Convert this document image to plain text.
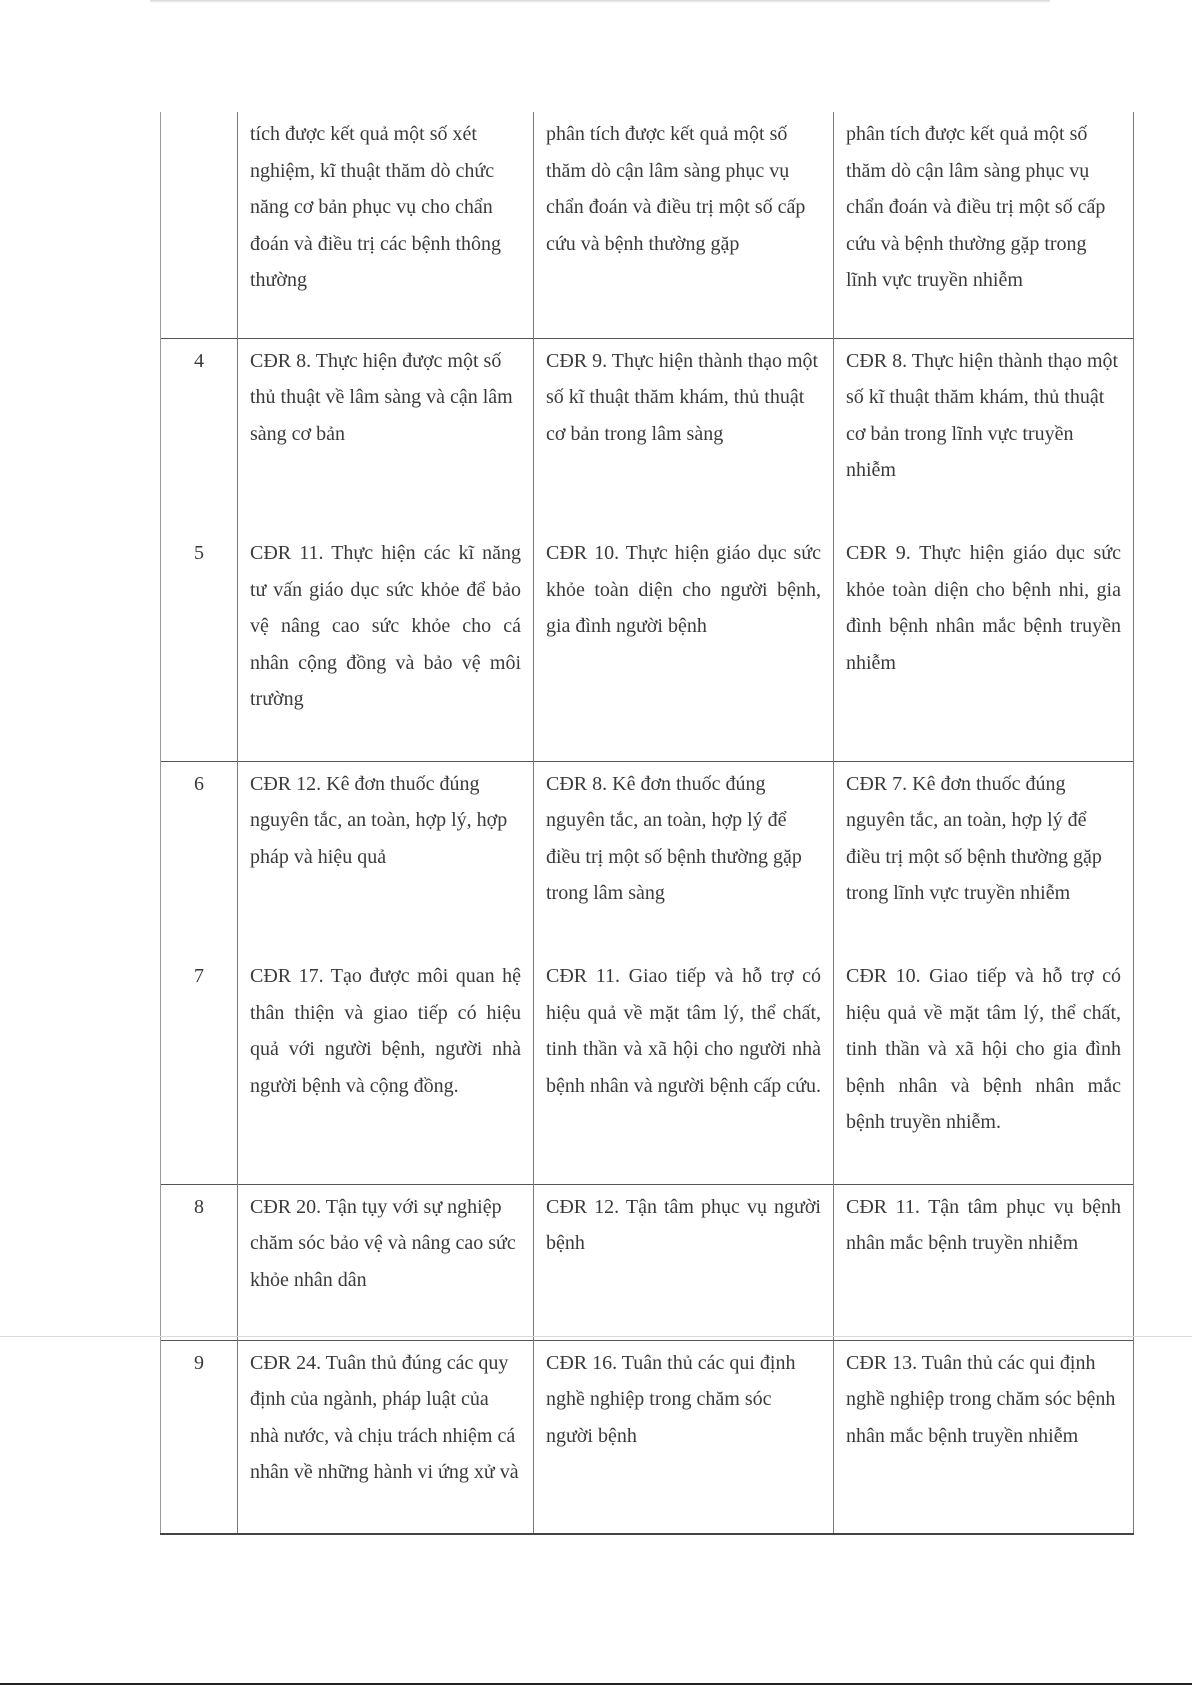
	tích được kết quả một số xét nghiệm, kĩ thuật thăm dò chức năng cơ bản phục vụ cho chẩn đoán và điều trị các bệnh thông thường	phân tích được kết quả một số thăm dò cận lâm sàng phục vụ chẩn đoán và điều trị một số cấp cứu và bệnh thường gặp	phân tích được kết quả một số thăm dò cận lâm sàng phục vụ chẩn đoán và điều trị một số cấp cứu và bệnh thường gặp trong lĩnh vực truyền nhiễm
4	CĐR 8. Thực hiện được một số thủ thuật về lâm sàng và cận lâm sàng cơ bản	CĐR 9. Thực hiện thành thạo một số kĩ thuật thăm khám, thủ thuật cơ bản trong lâm sàng	CĐR 8. Thực hiện thành thạo một số kĩ thuật thăm khám, thủ thuật cơ bản trong lĩnh vực truyền nhiễm
5	CĐR 11. Thực hiện các kĩ năng tư vấn giáo dục sức khỏe để bảo vệ nâng cao sức khỏe cho cá nhân cộng đồng và bảo vệ môi trường	CĐR 10. Thực hiện giáo dục sức khỏe toàn diện cho người bệnh, gia đình người bệnh	CĐR 9. Thực hiện giáo dục sức khỏe toàn diện cho bệnh nhi, gia đình bệnh nhân mắc bệnh truyền nhiễm
6	CĐR 12. Kê đơn thuốc đúng nguyên tắc, an toàn, hợp lý, hợp pháp và hiệu quả	CĐR 8. Kê đơn thuốc đúng nguyên tắc, an toàn, hợp lý để điều trị một số bệnh thường gặp trong lâm sàng	CĐR 7. Kê đơn thuốc đúng nguyên tắc, an toàn, hợp lý để điều trị một số bệnh thường gặp trong lĩnh vực truyền nhiễm
7	CĐR 17. Tạo được môi quan hệ thân thiện và giao tiếp có hiệu quả với người bệnh, người nhà người bệnh và cộng đồng.	CĐR 11. Giao tiếp và hỗ trợ có hiệu quả về mặt tâm lý, thể chất, tinh thần và xã hội cho người nhà bệnh nhân và người bệnh cấp cứu.	CĐR 10. Giao tiếp và hỗ trợ có hiệu quả về mặt tâm lý, thể chất, tinh thần và xã hội cho gia đình bệnh nhân và bệnh nhân mắc bệnh truyền nhiễm.
8	CĐR 20. Tận tụy với sự nghiệp chăm sóc bảo vệ và nâng cao sức khỏe nhân dân	CĐR 12. Tận tâm phục vụ người bệnh	CĐR 11. Tận tâm phục vụ bệnh nhân mắc bệnh truyền nhiễm
9	CĐR 24. Tuân thủ đúng các quy định của ngành, pháp luật của nhà nước, và chịu trách nhiệm cá nhân về những hành vi ứng xử và	CĐR 16. Tuân thủ các qui định nghề nghiệp trong chăm sóc người bệnh	CĐR 13. Tuân thủ các qui định nghề nghiệp trong chăm sóc bệnh nhân mắc bệnh truyền nhiễm
